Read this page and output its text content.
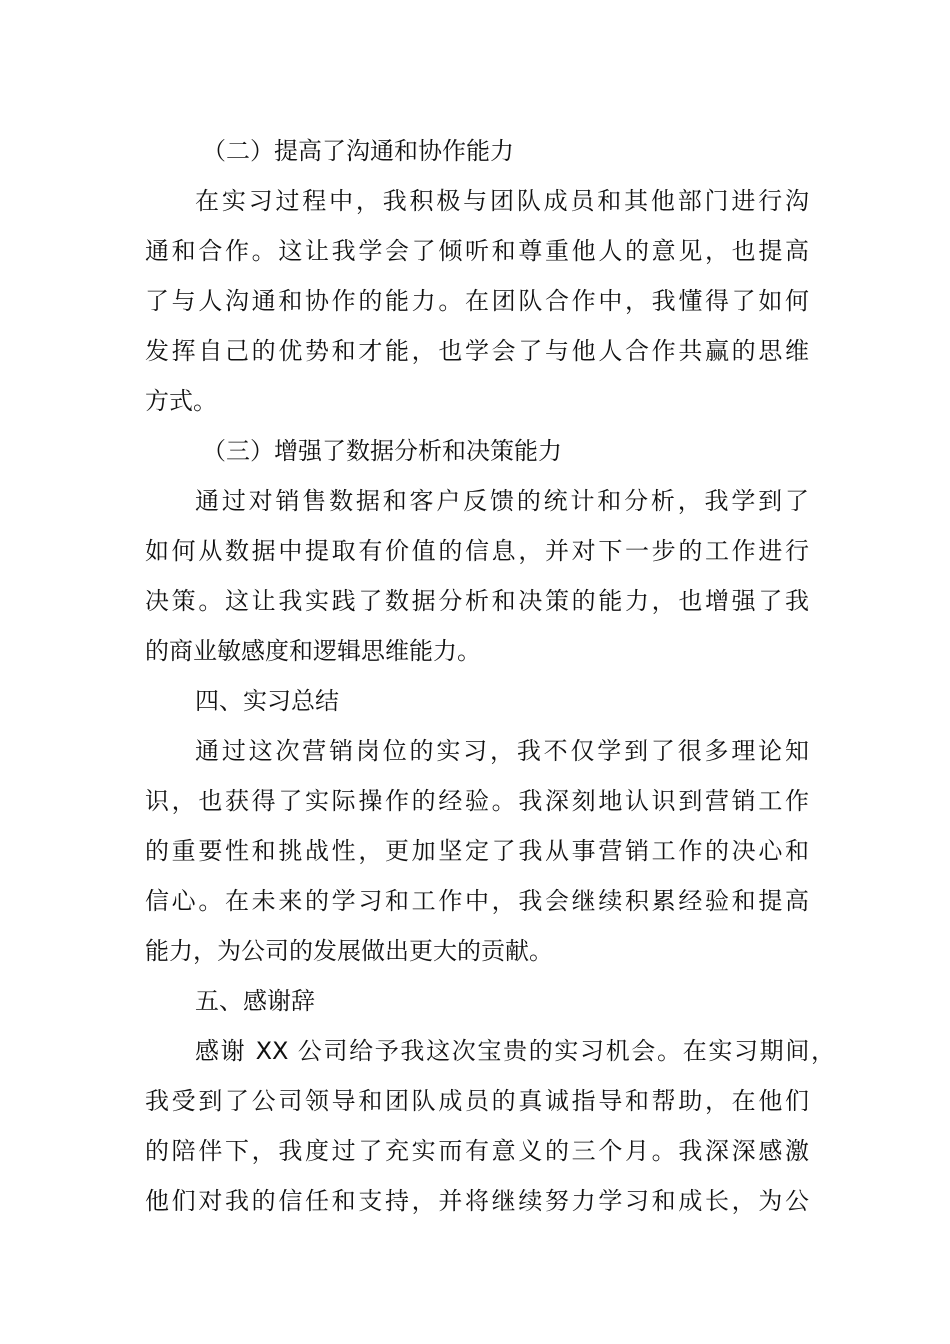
（二）提高了沟通和协作能力

在实习过程中，我积极与团队成员和其他部门进行沟
通和合作。这让我学会了倾听和尊重他人的意见，也提高
了与人沟通和协作的能力。在团队合作中，我懂得了如何
发挥自己的优势和才能，也学会了与他人合作共赢的思维
方式。

（三）增强了数据分析和决策能力

通过对销售数据和客户反馈的统计和分析，我学到了
如何从数据中提取有价值的信息，并对下一步的工作进行
决策。这让我实践了数据分析和决策的能力，也增强了我
的商业敏感度和逻辑思维能力。

四、实习总结

通过这次营销岗位的实习，我不仅学到了很多理论知
识，也获得了实际操作的经验。我深刻地认识到营销工作
的重要性和挑战性，更加坚定了我从事营销工作的决心和
信心。在未来的学习和工作中，我会继续积累经验和提高
能力，为公司的发展做出更大的贡献。

五、感谢辞

感谢 XX 公司给予我这次宝贵的实习机会。在实习期间，
我受到了公司领导和团队成员的真诚指导和帮助，在他们
的陪伴下，我度过了充实而有意义的三个月。我深深感激
他们对我的信任和支持，并将继续努力学习和成长，为公
